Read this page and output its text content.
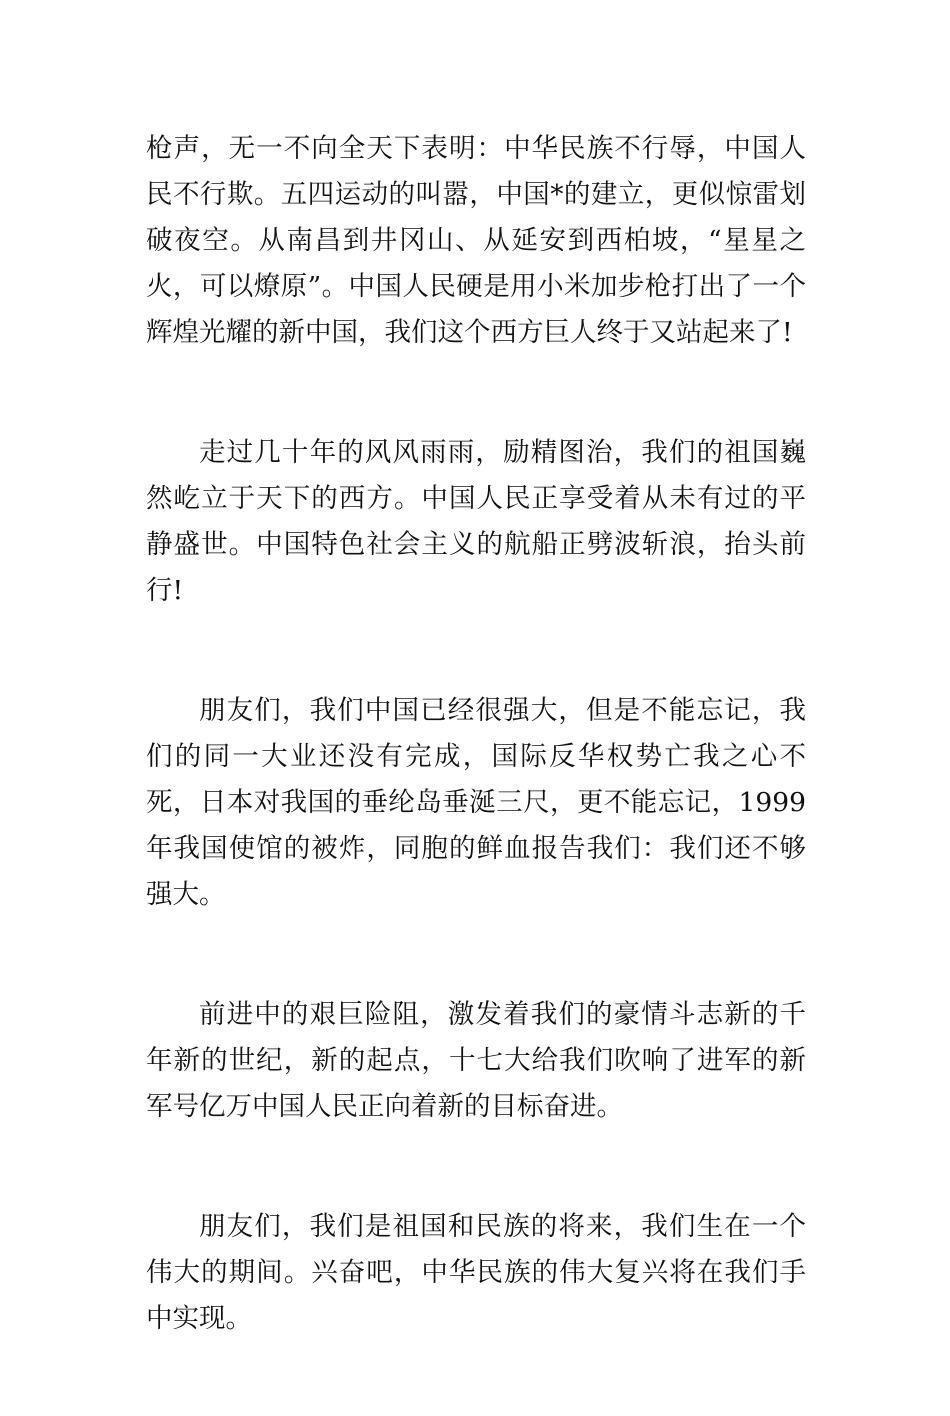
枪声，无一不向全天下表明：中华民族不行辱，中国人民不行欺。五四运动的叫嚣，中国*的建立，更似惊雷划破夜空。从南昌到井冈山、从延安到西柏坡，“星星之火，可以燎原”。中国人民硬是用小米加步枪打出了一个辉煌光耀的新中国，我们这个西方巨人终于又站起来了!

走过几十年的风风雨雨，励精图治，我们的祖国巍然屹立于天下的西方。中国人民正享受着从未有过的平静盛世。中国特色社会主义的航船正劈波斩浪，抬头前行!

朋友们，我们中国已经很强大，但是不能忘记，我们的同一大业还没有完成，国际反华权势亡我之心不死，日本对我国的垂纶岛垂涎三尺，更不能忘记，1999 年我国使馆的被炸，同胞的鲜血报告我们：我们还不够强大。

前进中的艰巨险阻，激发着我们的豪情斗志新的千年新的世纪，新的起点，十七大给我们吹响了进军的新军号亿万中国人民正向着新的目标奋进。

朋友们，我们是祖国和民族的将来，我们生在一个伟大的期间。兴奋吧，中华民族的伟大复兴将在我们手中实现。
